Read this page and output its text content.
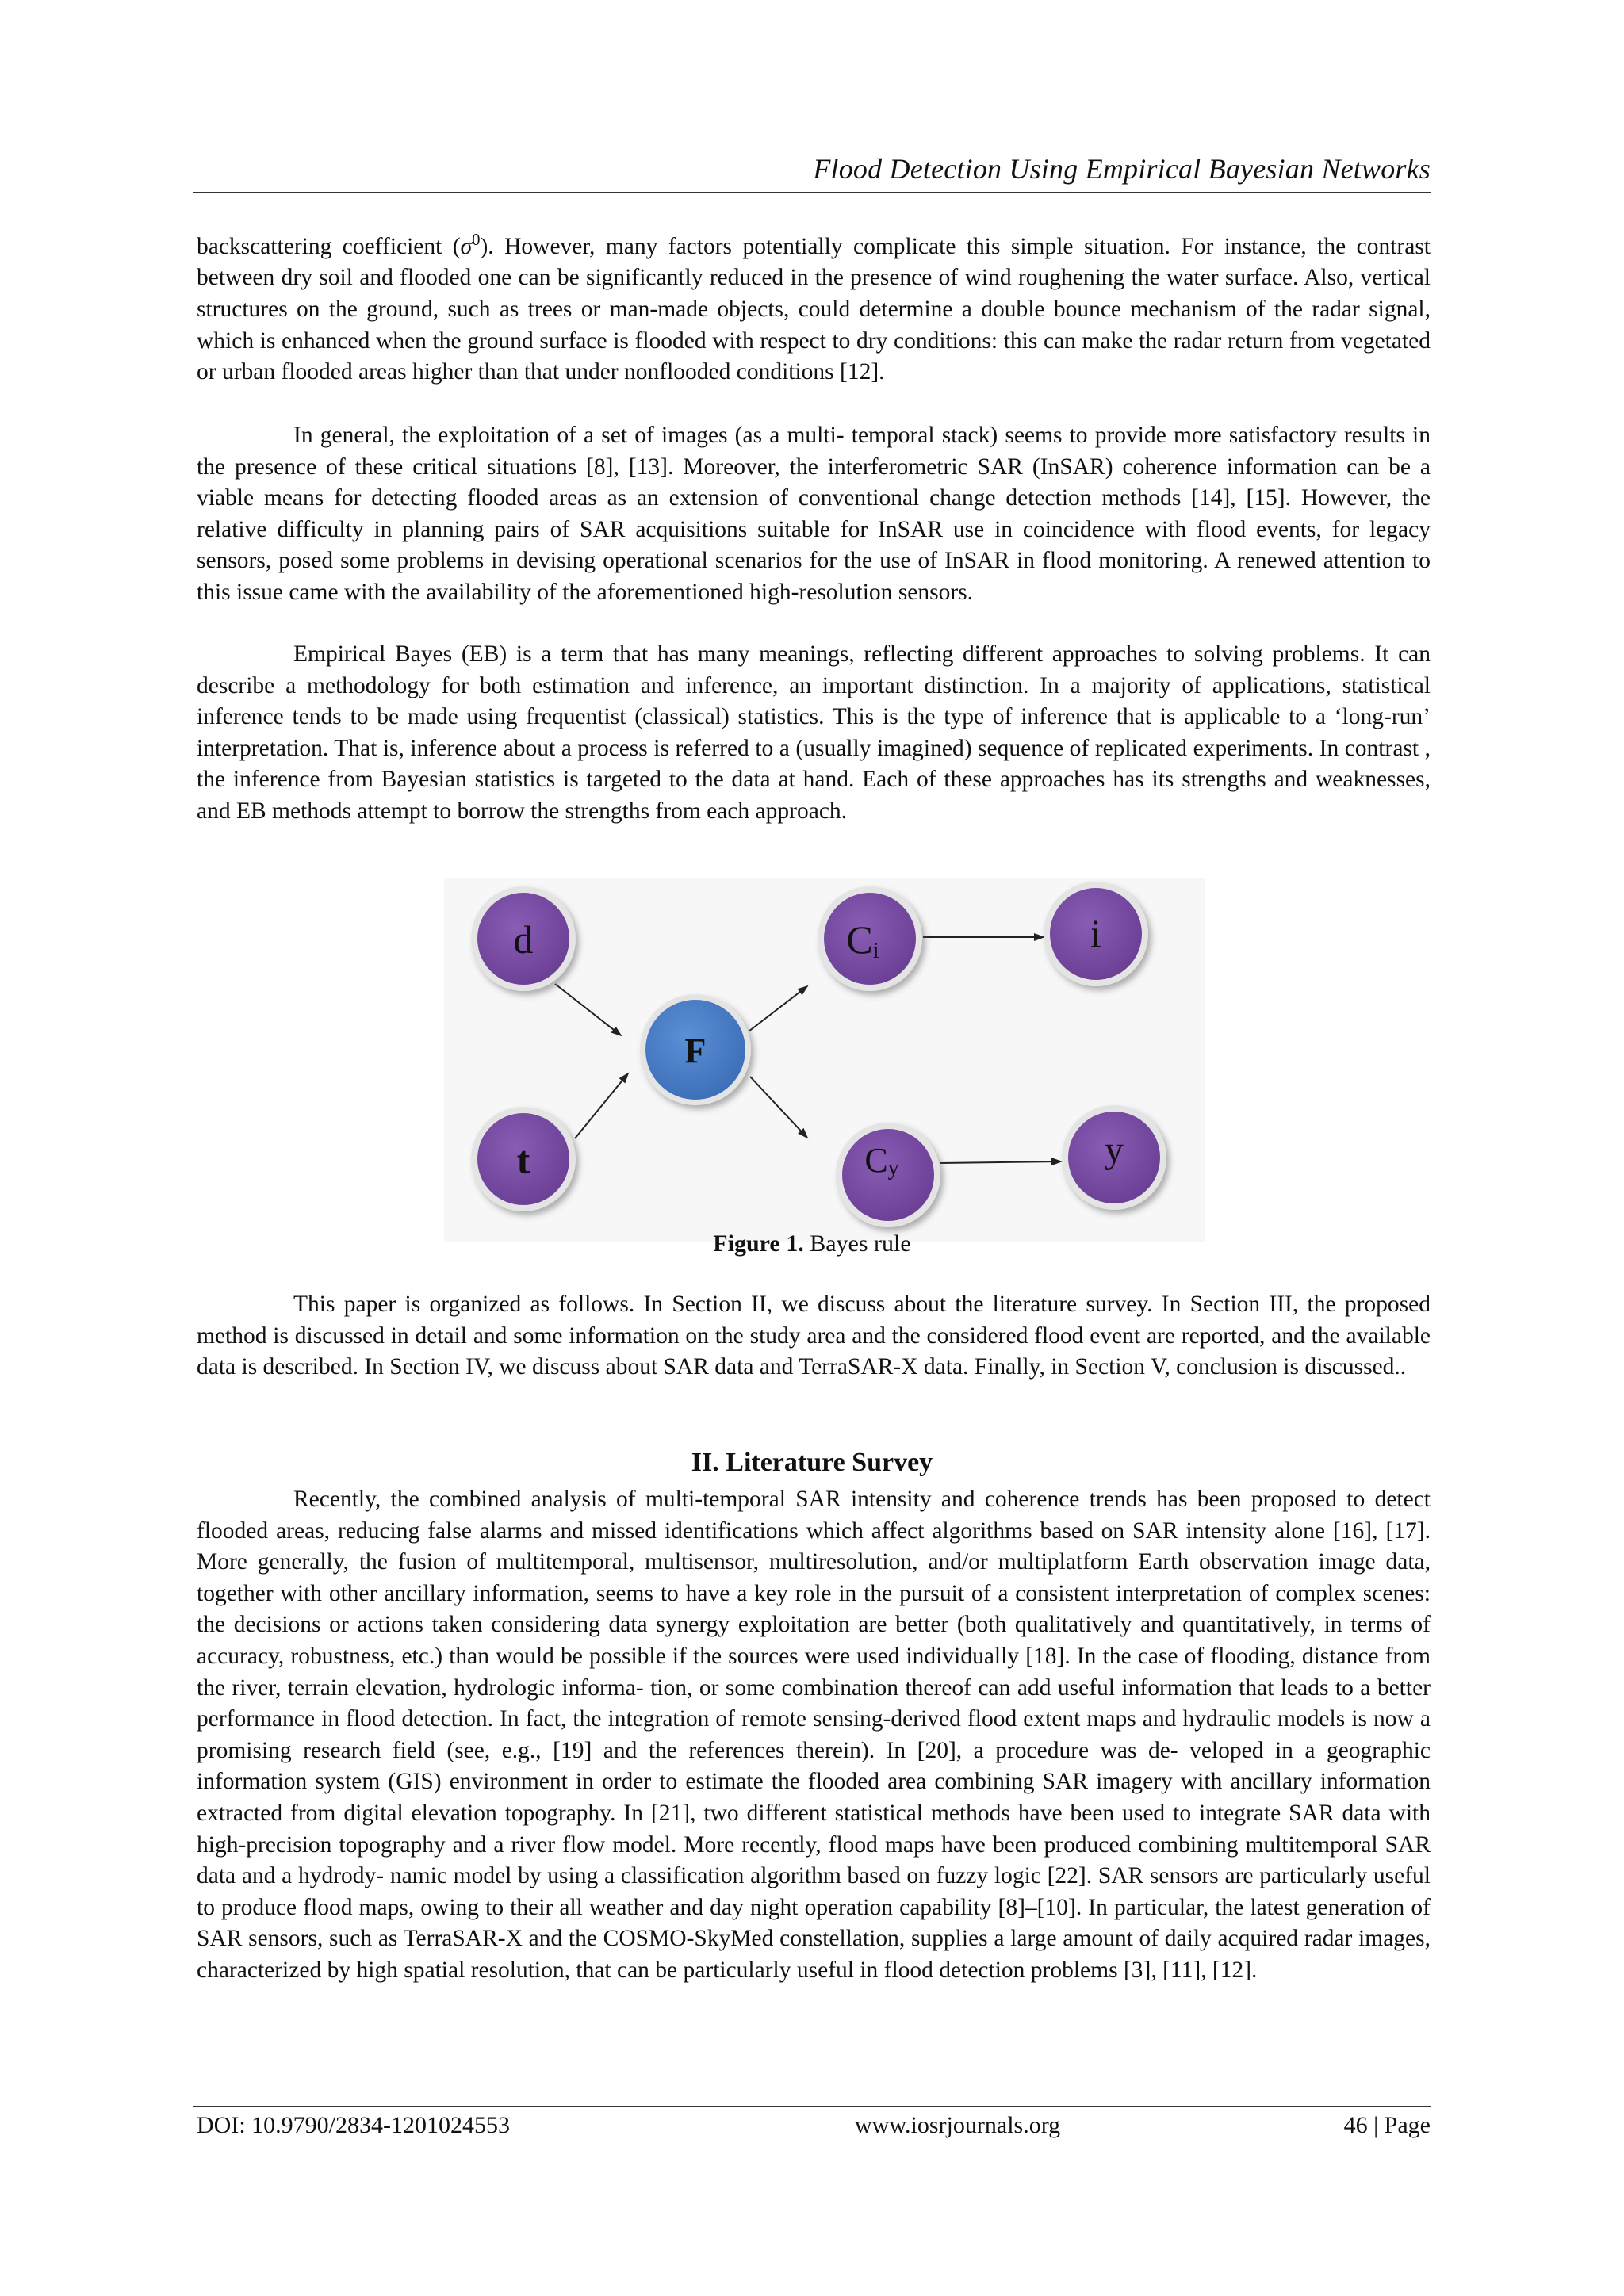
Flood Detection Using Empirical Bayesian Networks

backscattering coefficient $(\sigma^0)$. However, many factors potentially complicate this simple situation. For instance, the contrast between dry soil and flooded one can be significantly reduced in the presence of wind roughening the water surface. Also, vertical structures on the ground, such as trees or man-made objects, could determine a double bounce mechanism of the radar signal, which is enhanced when the ground surface is flooded with respect to dry conditions: this can make the radar return from vegetated or urban flooded areas higher than that under nonflooded conditions [12].

In general, the exploitation of a set of images (as a multi- temporal stack) seems to provide more satisfactory results in the presence of these critical situations [8], [13]. Moreover, the interferometric SAR (InSAR) coherence information can be a viable means for detecting flooded areas as an extension of conventional change detection methods [14], [15]. However, the relative difficulty in planning pairs of SAR acquisitions suitable for InSAR use in coincidence with flood events, for legacy sensors, posed some problems in devising operational scenarios for the use of InSAR in flood monitoring. A renewed attention to this issue came with the availability of the aforementioned high-resolution sensors.

Empirical Bayes (EB) is a term that has many meanings, reflecting different approaches to solving problems. It can describe a methodology for both estimation and inference, an important distinction. In a majority of applications, statistical inference tends to be made using frequentist (classical) statistics. This is the type of inference that is applicable to a ‘long-run’ interpretation. That is, inference about a process is referred to a (usually imagined) sequence of replicated experiments. In contrast , the inference from Bayesian statistics is targeted to the data at hand. Each of these approaches has its strengths and weaknesses, and EB methods attempt to borrow the strengths from each approach.

d
t
F
Ci	i
Cy	y
Figure 1. Bayes rule

This paper is organized as follows. In Section II, we discuss about the literature survey. In Section III, the proposed method is discussed in detail and some information on the study area and the considered flood event are reported, and the available data is described. In Section IV, we discuss about SAR data and TerraSAR-X data. Finally, in Section V, conclusion is discussed..

II. Literature Survey

Recently, the combined analysis of multi-temporal SAR intensity and coherence trends has been proposed to detect flooded areas, reducing false alarms and missed identifications which affect algorithms based on SAR intensity alone [16], [17]. More generally, the fusion of multitemporal, multisensor, multiresolution, and/or multiplatform Earth observation image data, together with other ancillary information, seems to have a key role in the pursuit of a consistent interpretation of complex scenes: the decisions or actions taken considering data synergy exploitation are better (both qualitatively and quantitatively, in terms of accuracy, robustness, etc.) than would be possible if the sources were used individually [18]. In the case of flooding, distance from the river, terrain elevation, hydrologic informa- tion, or some combination thereof can add useful information that leads to a better performance in flood detection. In fact, the integration of remote sensing-derived flood extent maps and hydraulic models is now a promising research field (see, e.g., [19] and the references therein). In [20], a procedure was de- veloped in a geographic information system (GIS) environment in order to estimate the flooded area combining SAR imagery with ancillary information extracted from digital elevation topography. In [21], two different statistical methods have been used to integrate SAR data with high-precision topography and a river flow model. More recently, flood maps have been produced combining multitemporal SAR data and a hydrody- namic model by using a classification algorithm based on fuzzy logic [22]. SAR sensors are particularly useful to produce flood maps, owing to their all weather and day night operation capability [8]–[10]. In particular, the latest generation of SAR sensors, such as TerraSAR-X and the COSMO-SkyMed constellation, supplies a large amount of daily acquired radar images, characterized by high spatial resolution, that can be particularly useful in flood detection problems [3], [11], [12].

DOI: 10.9790/2834-1201024553	www.iosrjournals.org	46 | Page
